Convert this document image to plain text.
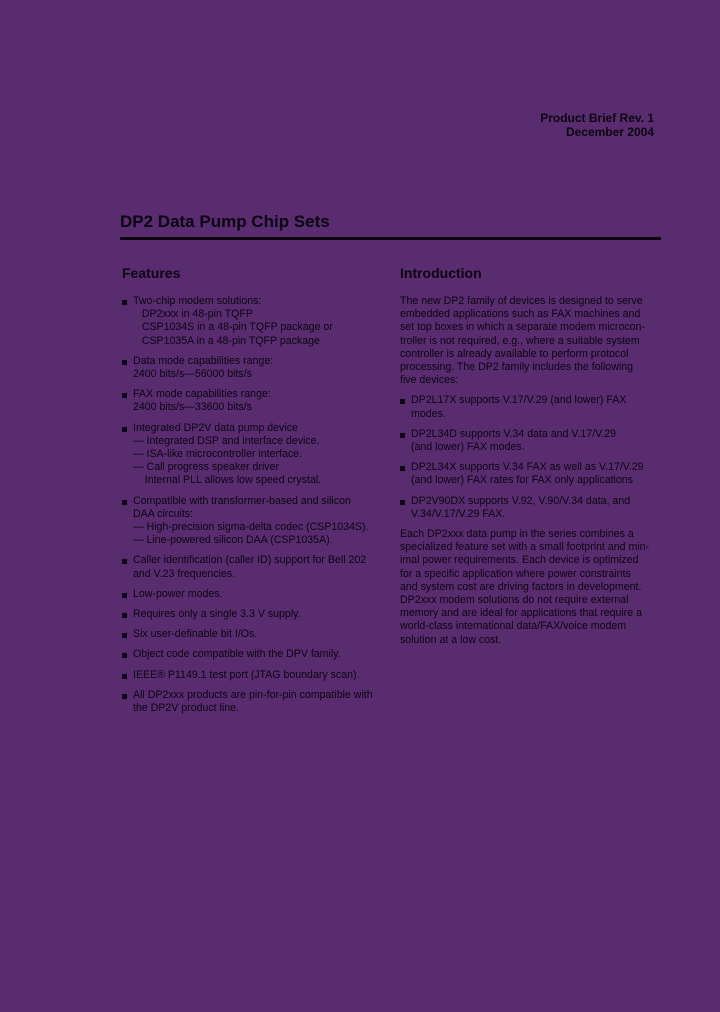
Product Brief Rev. 1
December 2004
DP2 Data Pump Chip Sets
Features	Introduction
Two-chip modem solutions:
DP2xxx in 48-pin TQFP
CSP1034S in a 48-pin TQFP package or
CSP1035A in a 48-pin TQFP package
Data mode capabilities range:
2400 bits/s—56000 bits/s
FAX mode capabilities range:
2400 bits/s—33600 bits/s
Integrated DP2V data pump device
— Integrated DSP and interface device.
— ISA-like microcontroller interface.
— Call progress speaker driver
Internal PLL allows low speed crystal.
Compatible with transformer-based and silicon
DAA circuits:
— High-precision sigma-delta codec (CSP1034S).
— Line-powered silicon DAA (CSP1035A).
Caller identification (caller ID) support for Bell 202
and V.23 frequencies.
Low-power modes.
Requires only a single 3.3 V supply.
Six user-definable bit I/Os.
Object code compatible with the DPV family.
IEEE® P1149.1 test port (JTAG boundary scan).
All DP2xxx products are pin-for-pin compatible with
the DP2V product line.
The new DP2 family of devices is designed to serve
embedded applications such as FAX machines and
set top boxes in which a separate modem microcon-
troller is not required, e.g., where a suitable system
controller is already available to perform protocol
processing. The DP2 family includes the following
five devices:
DP2L17X supports V.17/V.29 (and lower) FAX
modes.
DP2L34D supports V.34 data and V.17/V.29
(and lower) FAX modes.
DP2L34X supports V.34 FAX as well as V.17/V.29
(and lower) FAX rates for FAX only applications
DP2V90DX supports V.92, V.90/V.34 data, and
V.34/V.17/V.29 FAX.
Each DP2xxx data pump in the series combines a
specialized feature set with a small footprint and min-
imal power requirements. Each device is optimized
for a specific application where power constraints
and system cost are driving factors in development.
DP2xxx modem solutions do not require external
memory and are ideal for applications that require a
world-class international data/FAX/voice modem
solution at a low cost.
